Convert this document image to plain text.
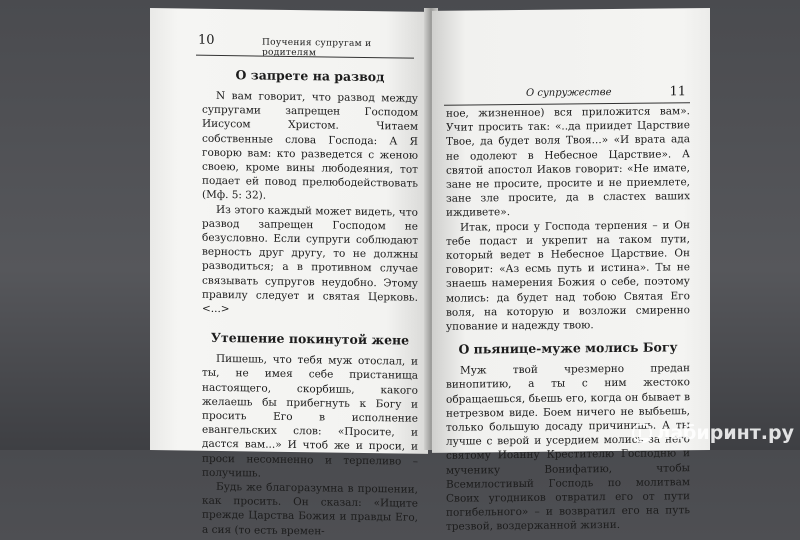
10	Поучения супругам и родителям
О запрете на развод

N вам говорит, что развод между супругами запрещен Господом Иисусом Христом. Читаем собственные слова Господа: А Я говорю вам: кто разведется с женою своею, кроме вины любодеяния, тот подает ей повод прелюбодействовать (Мф. 5: 32).

Из этого каждый может видеть, что развод запрещен Господом не безусловно. Если супруги соблюдают верность друг другу, то не должны разводиться; а в противном случае связывать супругов неудобно. Этому правилу следует и святая Церковь. <...>

Утешение покинутой жене

Пишешь, что тебя муж отослал, и ты, не имея себе пристанища настоящего, скорбишь, какого желаешь бы прибегнуть к Богу и просить Его в исполнение евангельских слов: «Просите, и дастся вам...» И чтоб же и проси, и проси несомненно и терпеливо – получишь.

Будь же благоразумна в прошении, как просить. Он сказал: «Ищите прежде Царства Божия и правды Его, а сия (то есть времен-

О супружестве	11

ное, жизненное) вся приложится вам». Учит просить так: «..да приидет Царствие Твое, да будет воля Твоя...» «И врата ада не одолеют в Небесное Царствие». А святой апостол Иаков говорит: «Не имате, зане не просите, просите и не приемлете, зане зле просите, да в сластех ваших иждивете».

Итак, проси у Господа терпения – и Он тебе подаст и укрепит на таком пути, который ведет в Небесное Царствие. Он говорит: «Аз есмь путь и истина». Ты не знаешь намерения Божия о себе, поэтому молись: да будет над тобою Святая Его воля, на которую и возложи смиренно упование и надежду твою.

О пьянице-муже молись Богу

Муж твой чрезмерно предан винопитию, а ты с ним жестоко обращаешься, бьешь его, когда он бывает в нетрезвом виде. Боем ничего не выбьешь, только большую досаду причинишь. А ты лучше с верой и усердием молись за него святому Иоанну Крестителю Господню и мученику Вонифатию, чтобы Всемилостивый Господь по молитвам Своих угодников отвратил его от пути погибельного» – и возвратил его на путь трезвой, воздержанной жизни.

лабиринт.ру
